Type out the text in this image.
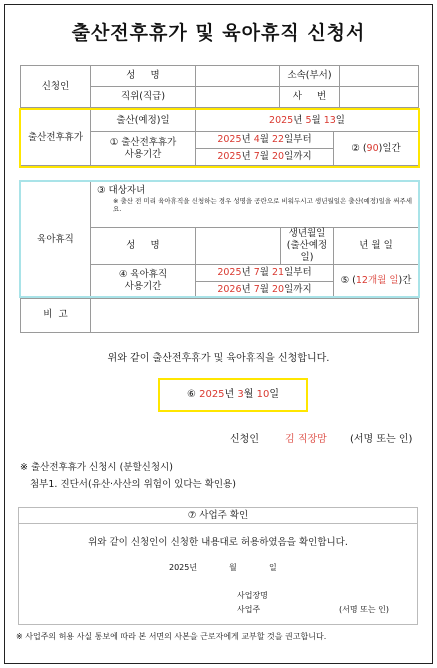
출산전후휴가 및 육아휴직 신청서
신청인	성     명		소속(부서)	
	직위(직급)		사     번	
출산전후휴가	출산(예정)일	2025년 5월 13일	
	① 출산전후휴가
사용기간	2025년 4월 22일부터	② (90)일간
		2025년 7월 20일까지	
육아휴직	③ 대상자녀
※ 출산 전 미리 육아휴직을 신청하는 경우 성명을 공란으로 비워두시고 생년월일은 출산(예정)일을 써주세요.			

	성     명		생년월일
(출산예정일)	년 월 일
	④ 육아휴직
사용기간	2025년 7월 21일부터		⑤ (12개월 일)간
		2026년 7월 20일까지		
비  고				
위와 같이 출산전후휴가 및 육아휴직을 신청합니다.
⑥ 2025년 3월 10일
신청인	김 직장맘 (서명 또는 인)
※ 출산전후휴가 신청시 (분할신청시)
첨부1. 진단서(유산·사산의 위험이 있다는 확인용)
⑦ 사업주 확인
위와 같이 신청인이 신청한 내용대로 허용하였음을 확인합니다.
2025년	월	일
사업장명
사업주	(서명 또는 인)
※ 사업주의 허용 사실 통보에 따라 본 서면의 사본을 근로자에게 교부할 것을 권고합니다.
